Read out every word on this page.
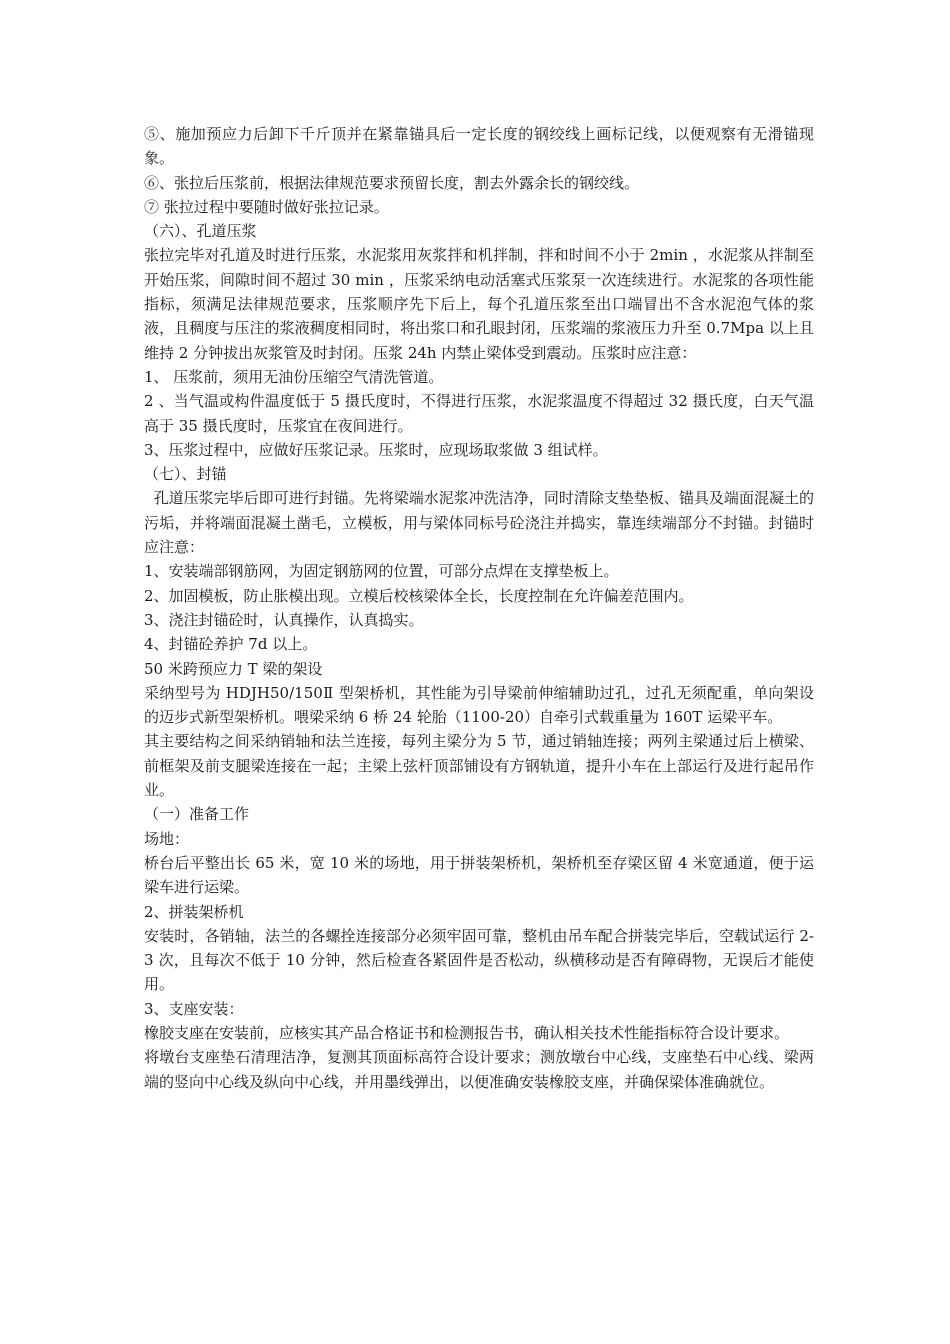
⑤、施加预应力后卸下千斤顶并在紧靠锚具后一定长度的钢绞线上画标记线，以便观察有无滑锚现象。

⑥、张拉后压浆前，根据法律规范要求预留长度，割去外露余长的钢绞线。

⑦ 张拉过程中要随时做好张拉记录。

（六）、孔道压浆

张拉完毕对孔道及时进行压浆，水泥浆用灰浆拌和机拌制，拌和时间不小于 2min ，水泥浆从拌制至开始压浆，间隙时间不超过 30 min ，压浆采纳电动活塞式压浆泵一次连续进行。水泥浆的各项性能指标，须满足法律规范要求，压浆顺序先下后上，每个孔道压浆至出口端冒出不含水泥泡气体的浆液，且稠度与压注的浆液稠度相同时，将出浆口和孔眼封闭，压浆端的浆液压力升至 0.7Mpa 以上且维持 2 分钟拔出灰浆管及时封闭。压浆 24h 内禁止梁体受到震动。压浆时应注意：

1、 压浆前，须用无油份压缩空气清洗管道。

2 、当气温或构件温度低于 5 摄氏度时，不得进行压浆，水泥浆温度不得超过 32 摄氏度，白天气温高于 35 摄氏度时，压浆宜在夜间进行。

3、压浆过程中，应做好压浆记录。压浆时，应现场取浆做 3 组试样。

（七）、封锚

孔道压浆完毕后即可进行封锚。先将梁端水泥浆冲洗洁净，同时清除支垫垫板、锚具及端面混凝土的污垢，并将端面混凝土凿毛，立模板，用与梁体同标号砼浇注并捣实，靠连续端部分不封锚。封锚时应注意：

1、安装端部钢筋网，为固定钢筋网的位置，可部分点焊在支撑垫板上。

2、加固模板，防止胀模出现。立模后校核梁体全长，长度控制在允许偏差范围内。

3、浇注封锚砼时，认真操作，认真捣实。

4、封锚砼养护 7d 以上。

50 米跨预应力 T 梁的架设

采纳型号为 HDJH50/150Ⅱ 型架桥机，其性能为引导梁前伸缩辅助过孔，过孔无须配重，单向架设的迈步式新型架桥机。喂梁采纳 6 桥 24 轮胎（1100-20）自牵引式载重量为 160T 运梁平车。

其主要结构之间采纳销轴和法兰连接，每列主梁分为 5 节，通过销轴连接；两列主梁通过后上横梁、前框架及前支腿梁连接在一起；主梁上弦杆顶部铺设有方钢轨道，提升小车在上部运行及进行起吊作业。

（一）准备工作

场地：

桥台后平整出长 65 米，宽 10 米的场地，用于拼装架桥机，架桥机至存梁区留 4 米宽通道，便于运梁车进行运梁。

2、拼装架桥机

安装时，各销轴，法兰的各螺拴连接部分必须牢固可靠，整机由吊车配合拼装完毕后，空载试运行 2-3 次，且每次不低于 10 分钟，然后检查各紧固件是否松动，纵横移动是否有障碍物，无误后才能使用。

3、支座安装：

橡胶支座在安装前，应核实其产品合格证书和检测报告书，确认相关技术性能指标符合设计要求。

将墩台支座垫石清理洁净，复测其顶面标高符合设计要求；测放墩台中心线，支座垫石中心线、梁两端的竖向中心线及纵向中心线，并用墨线弹出，以便准确安装橡胶支座，并确保梁体准确就位。
